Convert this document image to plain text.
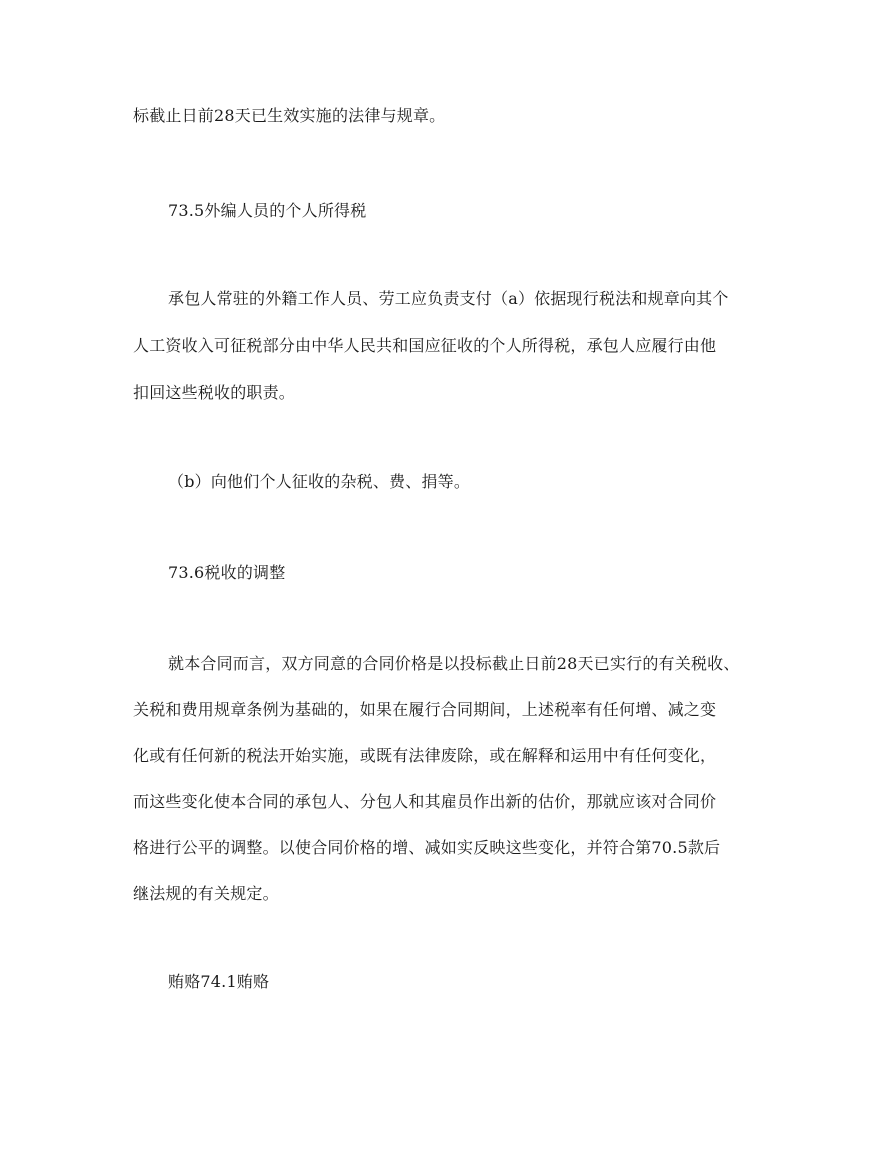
标截止日前28天已生效实施的法律与规章。
73.5外编人员的个人所得税
承包人常驻的外籍工作人员、劳工应负责支付（a）依据现行税法和规章向其个
人工资收入可征税部分由中华人民共和国应征收的个人所得税，承包人应履行由他
扣回这些税收的职责。
（b）向他们个人征收的杂税、费、捐等。
73.6税收的调整
就本合同而言，双方同意的合同价格是以投标截止日前28天已实行的有关税收、
关税和费用规章条例为基础的，如果在履行合同期间，上述税率有任何增、减之变
化或有任何新的税法开始实施，或既有法律废除，或在解释和运用中有任何变化，
而这些变化使本合同的承包人、分包人和其雇员作出新的估价，那就应该对合同价
格进行公平的调整。以使合同价格的增、减如实反映这些变化，并符合第70.5款后
继法规的有关规定。
贿赂74.1贿赂
